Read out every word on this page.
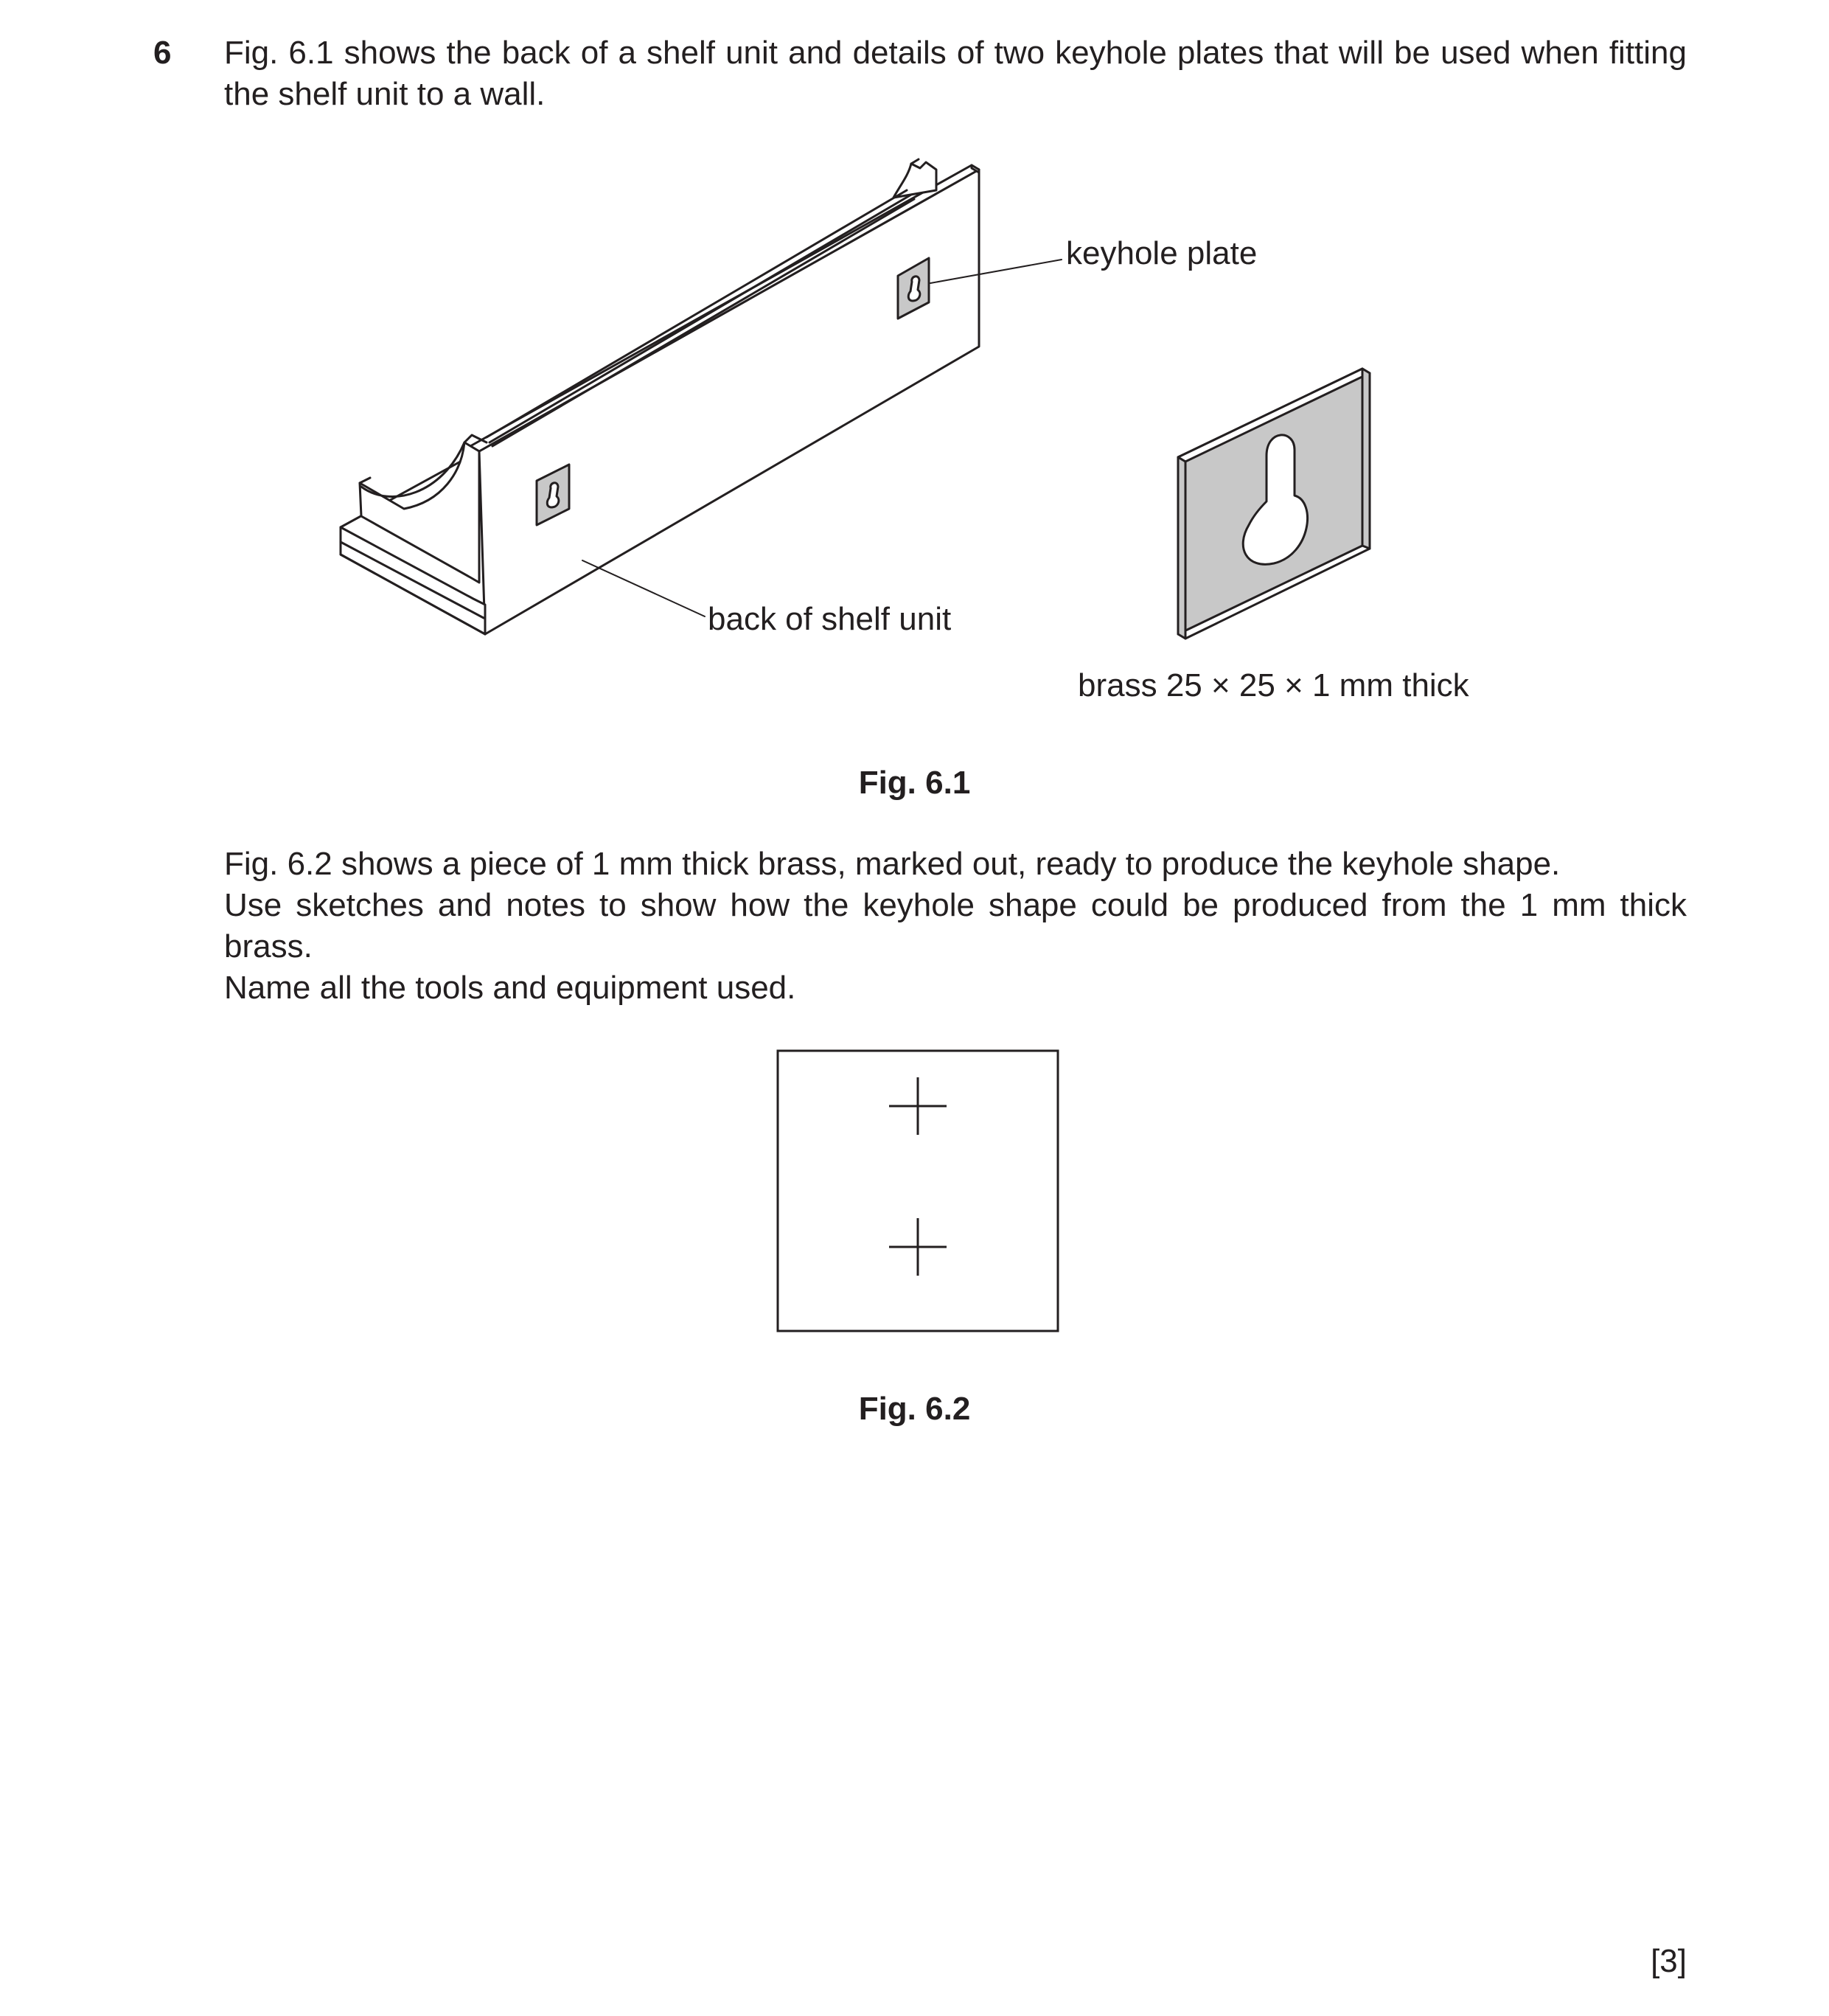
6 Fig. 6.1 shows the back of a shelf unit and details of two keyhole plates that will be used when fitting the shelf unit to a wall.
keyhole plate
back of shelf unit
brass 25 × 25 × 1 mm thick
Fig. 6.1

Fig. 6.2 shows a piece of 1 mm thick brass, marked out, ready to produce the keyhole shape.

Use sketches and notes to show how the keyhole shape could be produced from the 1 mm thick brass.

Name all the tools and equipment used.

Fig. 6.2
[3]
